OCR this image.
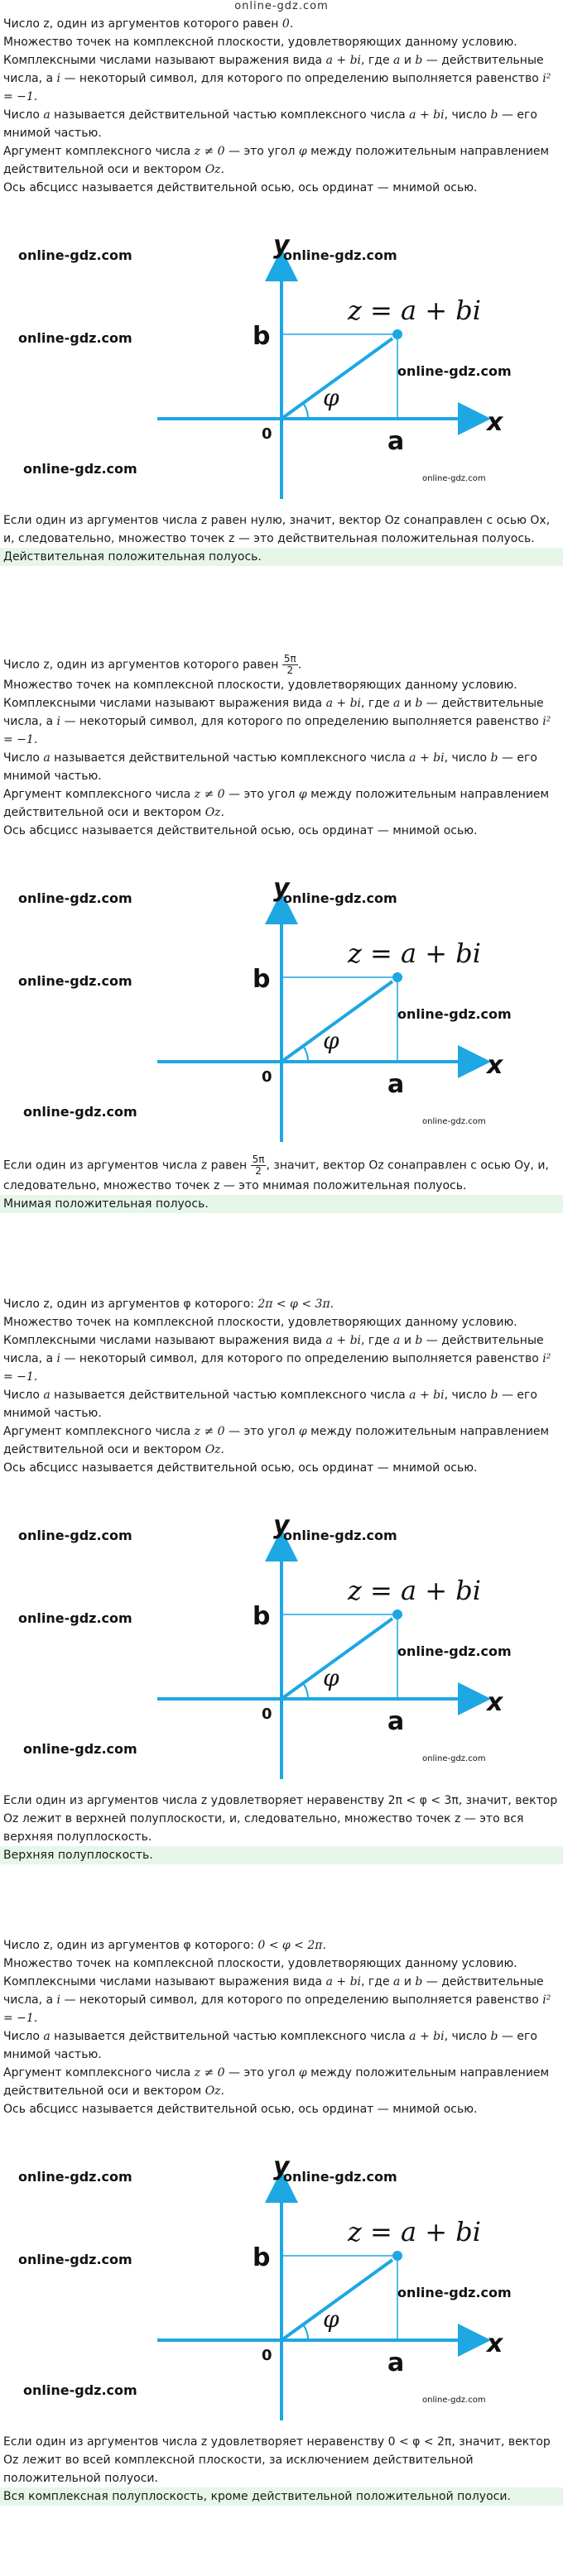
online-gdz.com
Число z, один из аргументов которого равен 0.
Множество точек на комплексной плоскости, удовлетворяющих данному условию.
Комплексными числами называют выражения вида a + bi, где a и b — действительные числа, а i — некоторый символ, для которого по определению выполняется равенство i² = −1.
Число a называется действительной частью комплексного числа a + bi, число b — его мнимой частью.
Аргумент комплексного числа z ≠ 0 — это угол φ между положительным направлением действительной оси и вектором Oz.
Ось абсцисс называется действительной осью, ось ординат — мнимой осью.
y
x
b
a
0
φ
z = a + bi
online-gdz.com	online-gdz.com
online-gdz.com
online-gdz.com
online-gdz.com
online-gdz.com
Если один из аргументов числа z равен нулю, значит, вектор Oz сонаправлен с осью Ox, и, следовательно, множество точек z — это действительная положительная полуось.
Действительная положительная полуось.
Число z, один из аргументов которого равен $\frac{5\pi}{2}$ .
Множество точек на комплексной плоскости, удовлетворяющих данному условию.
Комплексными числами называют выражения вида a + bi, где a и b — действительные числа, а i — некоторый символ, для которого по определению выполняется равенство i² = −1.
Число a называется действительной частью комплексного числа a + bi, число b — его мнимой частью.
Аргумент комплексного числа z ≠ 0 — это угол φ между положительным направлением действительной оси и вектором Oz.
Ось абсцисс называется действительной осью, ось ординат — мнимой осью.
y
x
b
a
0
φ
z = a + bi
online-gdz.com	online-gdz.com
online-gdz.com
online-gdz.com
online-gdz.com
online-gdz.com
Если один из аргументов числа z равен $\frac{5\pi}{2}$ , значит, вектор Oz сонаправлен с осью Oy, и, следовательно, множество точек z — это мнимая положительная полуось.
Мнимая положительная полуось.
Число z, один из аргументов φ которого: 2π < φ < 3π.
Множество точек на комплексной плоскости, удовлетворяющих данному условию.
Комплексными числами называют выражения вида a + bi, где a и b — действительные числа, а i — некоторый символ, для которого по определению выполняется равенство i² = −1.
Число a называется действительной частью комплексного числа a + bi, число b — его мнимой частью.
Аргумент комплексного числа z ≠ 0 — это угол φ между положительным направлением действительной оси и вектором Oz.
Ось абсцисс называется действительной осью, ось ординат — мнимой осью.
y
x
b
a
0
φ
z = a + bi
online-gdz.com	online-gdz.com
online-gdz.com
online-gdz.com
online-gdz.com
online-gdz.com
Если один из аргументов числа z удовлетворяет неравенству 2π < φ < 3π, значит, вектор Oz лежит в верхней полуплоскости, и, следовательно, множество точек z — это вся верхняя полуплоскость.
Верхняя полуплоскость.
Число z, один из аргументов φ которого: 0 < φ < 2π.
Множество точек на комплексной плоскости, удовлетворяющих данному условию.
Комплексными числами называют выражения вида a + bi, где a и b — действительные числа, а i — некоторый символ, для которого по определению выполняется равенство i² = −1.
Число a называется действительной частью комплексного числа a + bi, число b — его мнимой частью.
Аргумент комплексного числа z ≠ 0 — это угол φ между положительным направлением действительной оси и вектором Oz.
Ось абсцисс называется действительной осью, ось ординат — мнимой осью.
y
x
b
a
0
φ
z = a + bi
online-gdz.com	online-gdz.com
online-gdz.com
online-gdz.com
online-gdz.com
online-gdz.com
Если один из аргументов числа z удовлетворяет неравенству 0 < φ < 2π, значит, вектор Oz лежит во всей комплексной плоскости, за исключением действительной положительной полуоси.
Вся комплексная полуплоскость, кроме действительной положительной полуоси.
